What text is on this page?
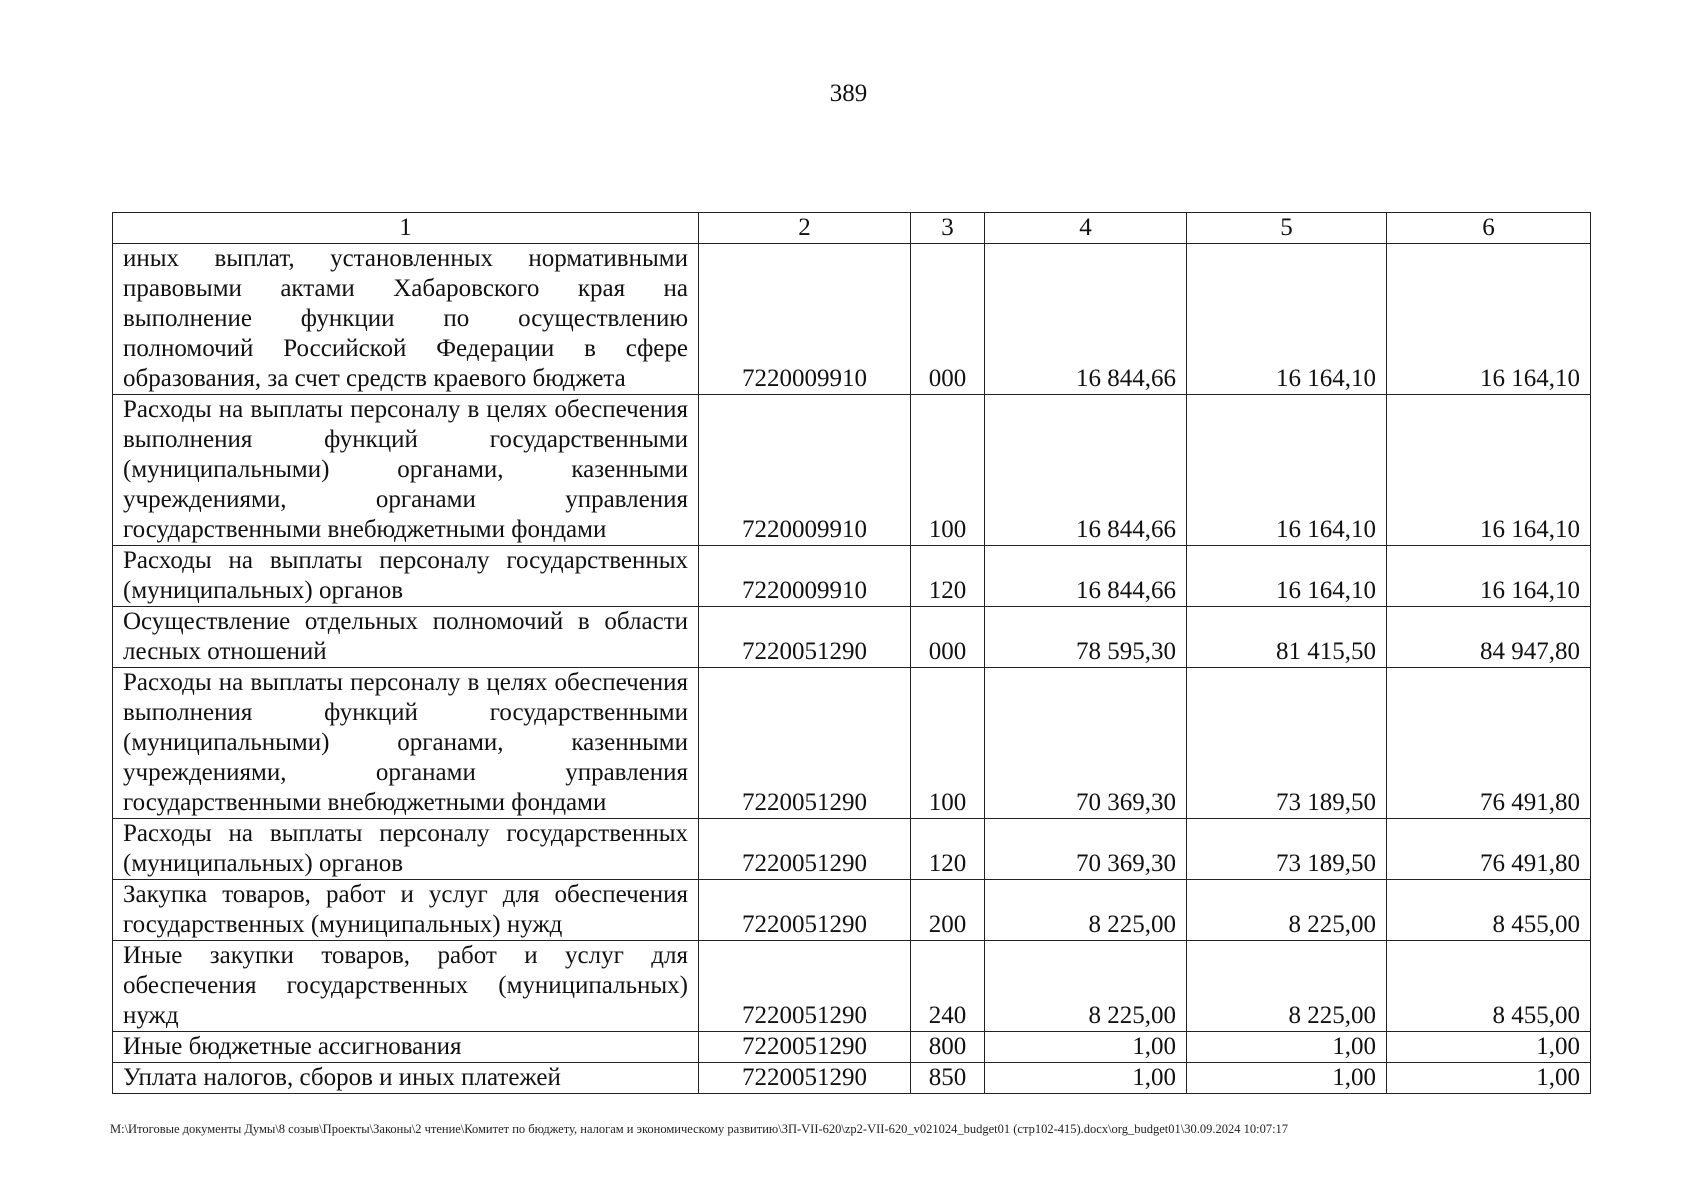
389
1	2	3	4	5	6
иных выплат, установленных нормативными правовыми актами Хабаровского края на выполнение функции по осуществлению полномочий Российской Федерации в сфере образования, за счет средств краевого бюджета	7220009910	000	16 844,66	16 164,10	16 164,10
Расходы на выплаты персоналу в целях обеспечения выполнения функций государственными (муниципальными) органами, казенными учреждениями, органами управления государственными внебюджетными фондами	7220009910	100	16 844,66	16 164,10	16 164,10
Расходы на выплаты персоналу государственных (муниципальных) органов	7220009910	120	16 844,66	16 164,10	16 164,10
Осуществление отдельных полномочий в области лесных отношений	7220051290	000	78 595,30	81 415,50	84 947,80
Расходы на выплаты персоналу в целях обеспечения выполнения функций государственными (муниципальными) органами, казенными учреждениями, органами управления государственными внебюджетными фондами	7220051290	100	70 369,30	73 189,50	76 491,80
Расходы на выплаты персоналу государственных (муниципальных) органов	7220051290	120	70 369,30	73 189,50	76 491,80
Закупка товаров, работ и услуг для обеспечения государственных (муниципальных) нужд	7220051290	200	8 225,00	8 225,00	8 455,00
Иные закупки товаров, работ и услуг для обеспечения государственных (муниципальных) нужд	7220051290	240	8 225,00	8 225,00	8 455,00
Иные бюджетные ассигнования	7220051290	800	1,00	1,00	1,00
Уплата налогов, сборов и иных платежей	7220051290	850	1,00	1,00	1,00
М:\Итоговые документы Думы\8 созыв\Проекты\Законы\2 чтение\Комитет по бюджету, налогам и экономическому развитию\ЗП-VII-620\zp2-VII-620_v021024_budget01 (стр102-415).docx\org_budget01\30.09.2024 10:07:17
